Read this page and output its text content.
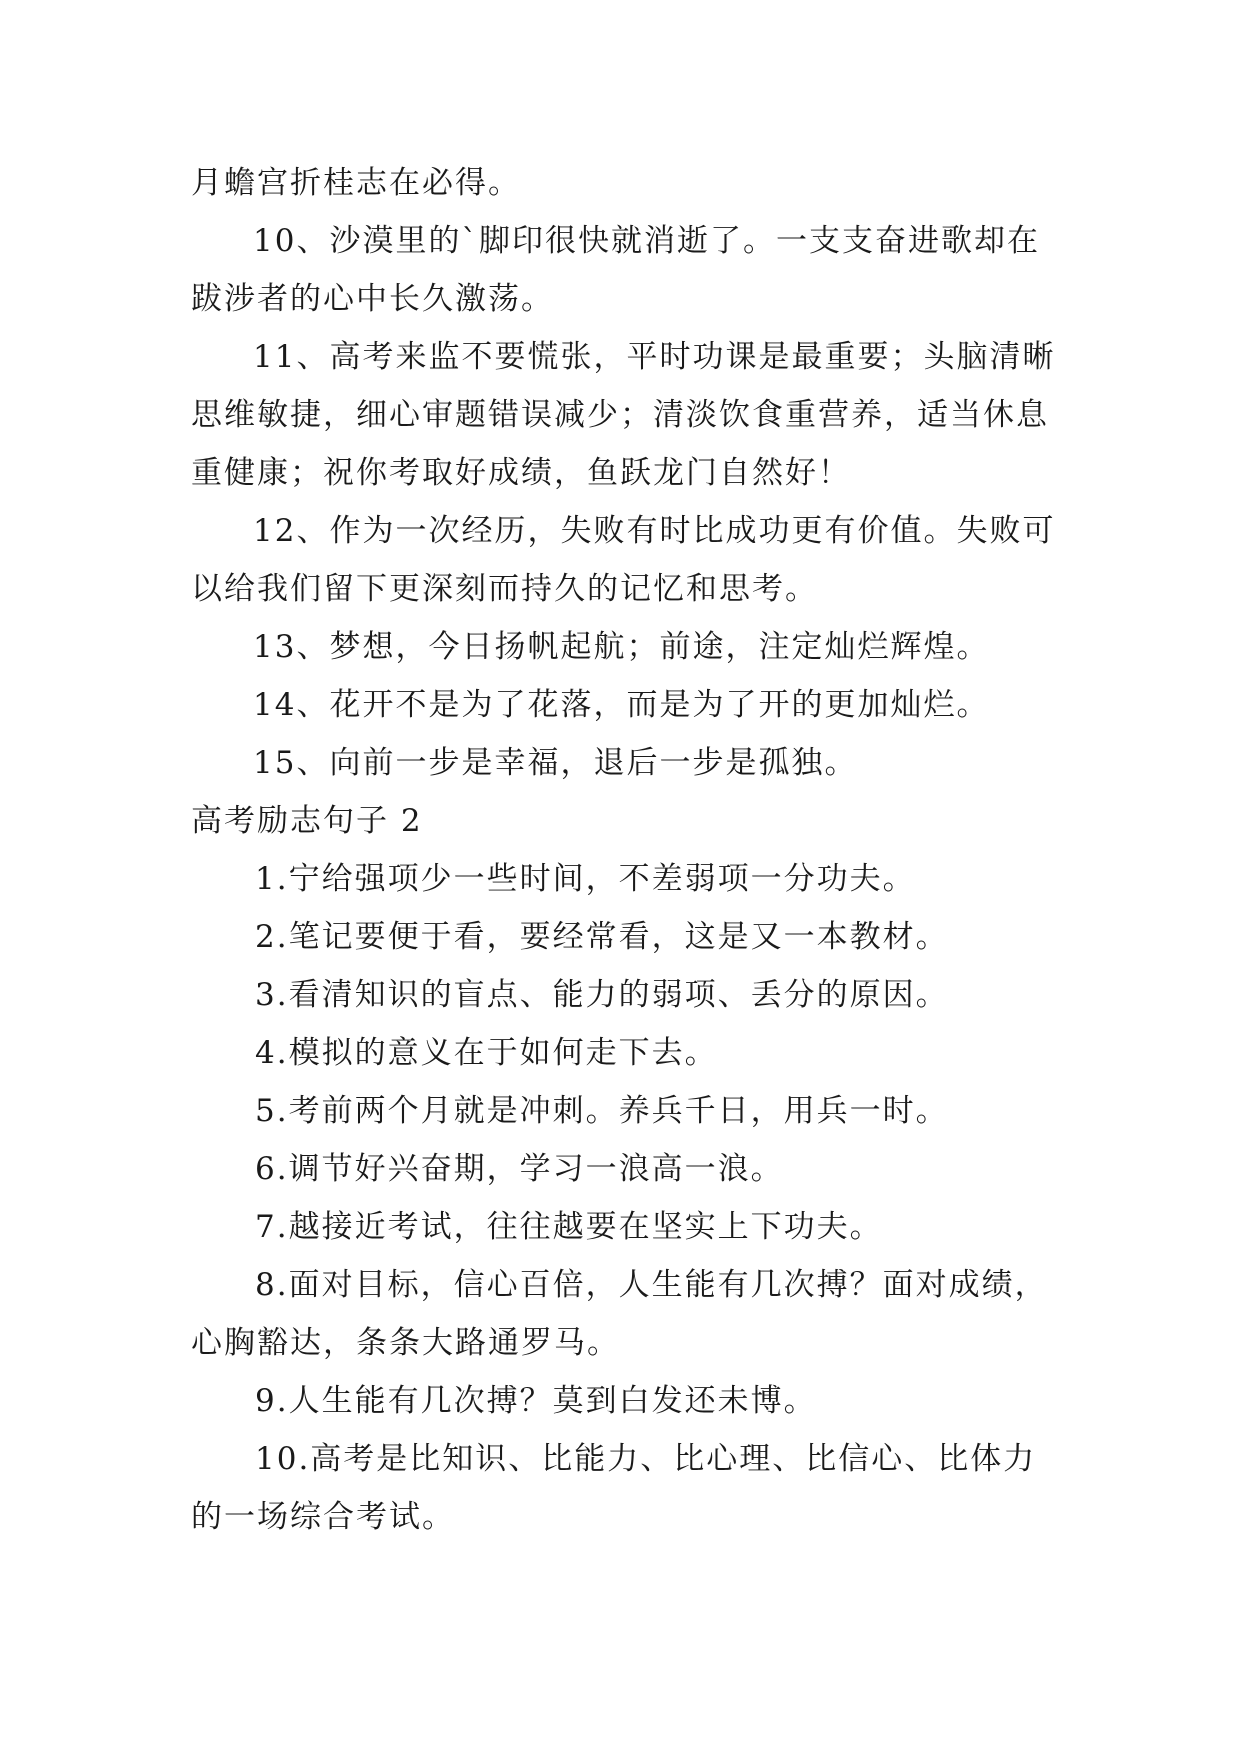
月蟾宫折桂志在必得。
10、沙漠里的`脚印很快就消逝了。一支支奋进歌却在
跋涉者的心中长久激荡。
11、高考来监不要慌张，平时功课是最重要；头脑清晰
思维敏捷，细心审题错误减少；清淡饮食重营养，适当休息
重健康；祝你考取好成绩，鱼跃龙门自然好！
12、作为一次经历，失败有时比成功更有价值。失败可
以给我们留下更深刻而持久的记忆和思考。
13、梦想，今日扬帆起航；前途，注定灿烂辉煌。
14、花开不是为了花落，而是为了开的更加灿烂。
15、向前一步是幸福，退后一步是孤独。
高考励志句子 2
1.宁给强项少一些时间，不差弱项一分功夫。
2.笔记要便于看，要经常看，这是又一本教材。
3.看清知识的盲点、能力的弱项、丢分的原因。
4.模拟的意义在于如何走下去。
5.考前两个月就是冲刺。养兵千日，用兵一时。
6.调节好兴奋期，学习一浪高一浪。
7.越接近考试，往往越要在坚实上下功夫。
8.面对目标，信心百倍，人生能有几次搏？面对成绩，
心胸豁达，条条大路通罗马。
9.人生能有几次搏？莫到白发还未博。
10.高考是比知识、比能力、比心理、比信心、比体力
的一场综合考试。
